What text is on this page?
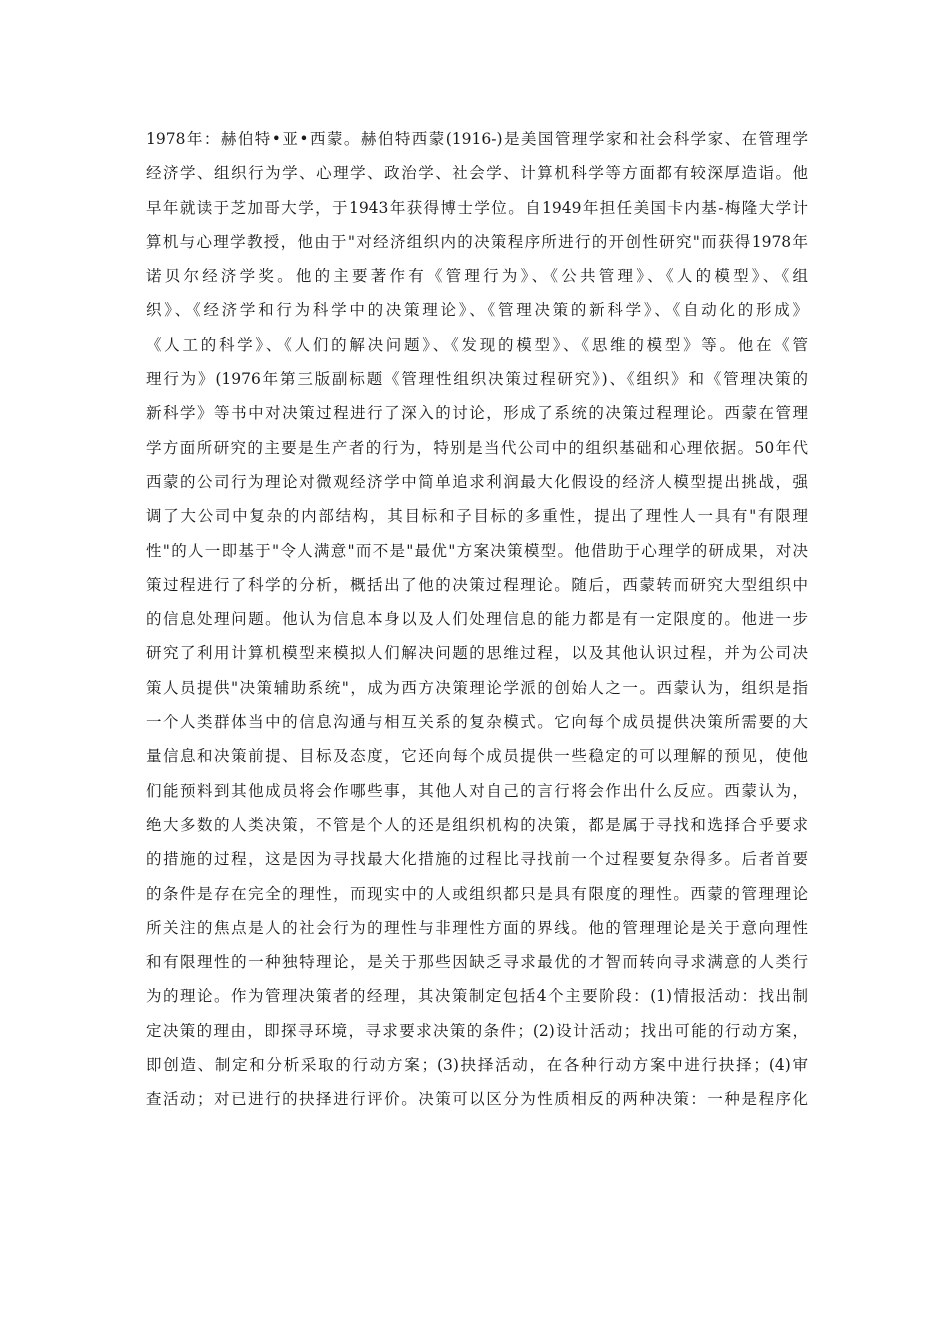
1978年：赫伯特•亚•西蒙。赫伯特西蒙(1916-)是美国管理学家和社会科学家、在管理学
经济学、组织行为学、心理学、政治学、社会学、计算机科学等方面都有较深厚造诣。他
早年就读于芝加哥大学，于1943年获得博士学位。自1949年担任美国卡内基-梅隆大学计
算机与心理学教授，他由于"对经济组织内的决策程序所进行的开创性研究"而获得1978年
诺贝尔经济学奖。他的主要著作有《管理行为》、《公共管理》、《人的模型》、《组
织》、《经济学和行为科学中的决策理论》、《管理决策的新科学》、《自动化的形成》
《人工的科学》、《人们的解决问题》、《发现的模型》、《思维的模型》等。他在《管
理行为》(1976年第三版副标题《管理性组织决策过程研究》)、《组织》和《管理决策的
新科学》等书中对决策过程进行了深入的讨论，形成了系统的决策过程理论。西蒙在管理
学方面所研究的主要是生产者的行为，特别是当代公司中的组织基础和心理依据。50年代
西蒙的公司行为理论对微观经济学中简单追求利润最大化假设的经济人模型提出挑战，强
调了大公司中复杂的内部结构，其目标和子目标的多重性，提出了理性人一具有"有限理
性"的人一即基于"令人满意"而不是"最优"方案决策模型。他借助于心理学的研成果，对决
策过程进行了科学的分析，概括出了他的决策过程理论。随后，西蒙转而研究大型组织中
的信息处理问题。他认为信息本身以及人们处理信息的能力都是有一定限度的。他进一步
研究了利用计算机模型来模拟人们解决问题的思维过程，以及其他认识过程，并为公司决
策人员提供"决策辅助系统"，成为西方决策理论学派的创始人之一。西蒙认为，组织是指
一个人类群体当中的信息沟通与相互关系的复杂模式。它向每个成员提供决策所需要的大
量信息和决策前提、目标及态度，它还向每个成员提供一些稳定的可以理解的预见，使他
们能预料到其他成员将会作哪些事，其他人对自己的言行将会作出什么反应。西蒙认为，
绝大多数的人类决策，不管是个人的还是组织机构的决策，都是属于寻找和选择合乎要求
的措施的过程，这是因为寻找最大化措施的过程比寻找前一个过程要复杂得多。后者首要
的条件是存在完全的理性，而现实中的人或组织都只是具有限度的理性。西蒙的管理理论
所关注的焦点是人的社会行为的理性与非理性方面的界线。他的管理理论是关于意向理性
和有限理性的一种独特理论，是关于那些因缺乏寻求最优的才智而转向寻求满意的人类行
为的理论。作为管理决策者的经理，其决策制定包括4个主要阶段：(1)情报活动：找出制
定决策的理由，即探寻环境，寻求要求决策的条件；(2)设计活动；找出可能的行动方案，
即创造、制定和分析采取的行动方案；(3)抉择活动，在各种行动方案中进行抉择；(4)审
查活动；对已进行的抉择进行评价。决策可以区分为性质相反的两种决策：一种是程序化
